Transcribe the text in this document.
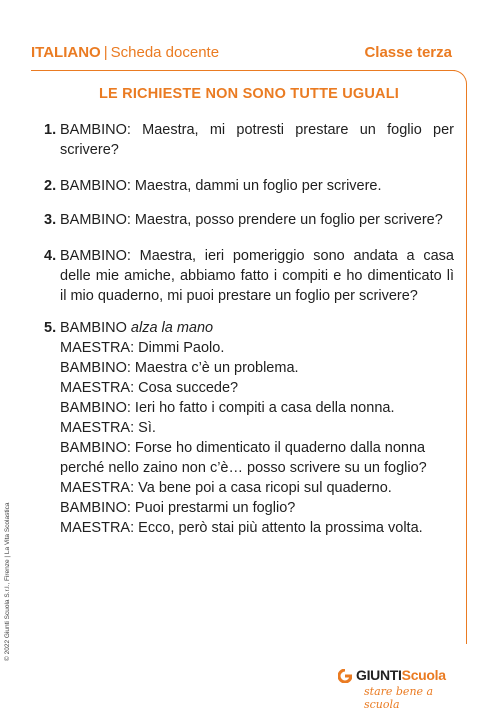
ITALIANO | Scheda docente	Classe terza
LE RICHIESTE NON SONO TUTTE UGUALI
1. BAMBINO: Maestra, mi potresti prestare un foglio per scrivere?
2. BAMBINO: Maestra, dammi un foglio per scrivere.
3. BAMBINO: Maestra, posso prendere un foglio per scrivere?
4. BAMBINO: Maestra, ieri pomeriggio sono andata a casa delle mie amiche, abbiamo fatto i compiti e ho dimenticato lì il mio quaderno, mi puoi prestare un foglio per scrivere?
5. BAMBINO alza la mano
MAESTRA: Dimmi Paolo.
BAMBINO: Maestra c’è un problema.
MAESTRA: Cosa succede?
BAMBINO: Ieri ho fatto i compiti a casa della nonna.
MAESTRA: Sì.
BAMBINO: Forse ho dimenticato il quaderno dalla nonna perché nello zaino non c’è… posso scrivere su un foglio?
MAESTRA: Va bene poi a casa ricopi sul quaderno.
BAMBINO: Puoi prestarmi un foglio?
MAESTRA: Ecco, però stai più attento la prossima volta.
© 2022 Giunti Scuola S.r.l., Firenze | La Vita Scolastica
GIUNTIScuola
stare bene a scuola
